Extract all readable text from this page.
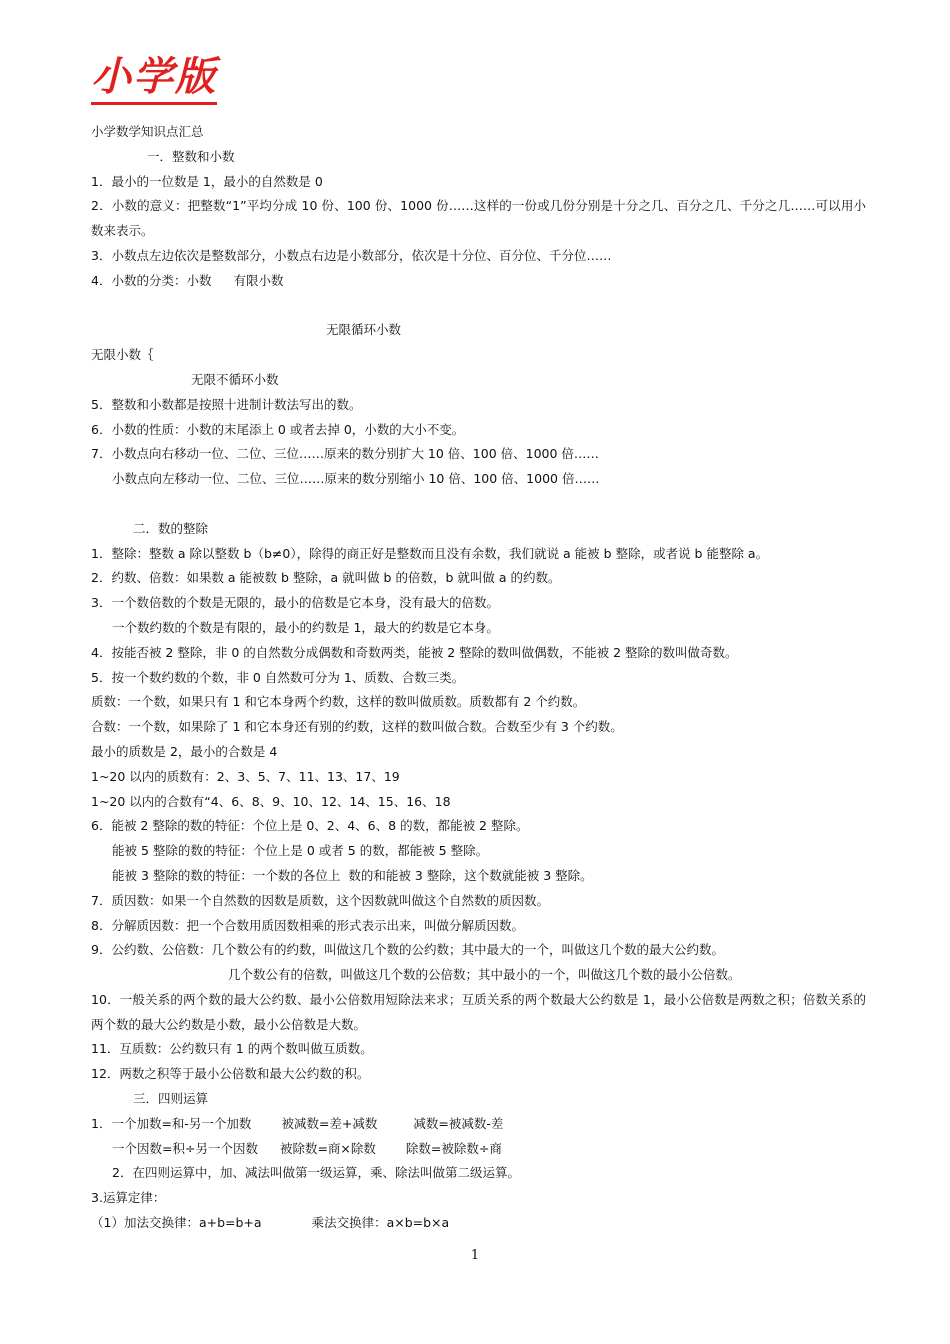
小学版
小学数学知识点汇总
一．整数和小数
1．最小的一位数是 1，最小的自然数是 0
2．小数的意义：把整数“1”平均分成 10 份、100 份、1000 份……这样的一份或几份分别是十分之几、百分之几、千分之几……可以用小数来表示。
3．小数点左边依次是整数部分，小数点右边是小数部分，依次是十分位、百分位、千分位……
4．小数的分类：小数 有限小数
无限循环小数
无限小数｛
无限不循环小数
5．整数和小数都是按照十进制计数法写出的数。
6．小数的性质：小数的末尾添上 0 或者去掉 0，小数的大小不变。
7．小数点向右移动一位、二位、三位……原来的数分别扩大 10 倍、100 倍、1000 倍……
小数点向左移动一位、二位、三位……原来的数分别缩小 10 倍、100 倍、1000 倍……
二．数的整除
1．整除：整数 a 除以整数 b（b≠0），除得的商正好是整数而且没有余数，我们就说 a 能被 b 整除，或者说 b 能整除 a。
2．约数、倍数：如果数 a 能被数 b 整除，a 就叫做 b 的倍数，b 就叫做 a 的约数。
3．一个数倍数的个数是无限的，最小的倍数是它本身，没有最大的倍数。
一个数约数的个数是有限的，最小的约数是 1，最大的约数是它本身。
4．按能否被 2 整除，非 0 的自然数分成偶数和奇数两类，能被 2 整除的数叫做偶数，不能被 2 整除的数叫做奇数。
5．按一个数约数的个数，非 0 自然数可分为 1、质数、合数三类。
质数：一个数，如果只有 1 和它本身两个约数，这样的数叫做质数。质数都有 2 个约数。
合数：一个数，如果除了 1 和它本身还有别的约数，这样的数叫做合数。合数至少有 3 个约数。
最小的质数是 2，最小的合数是 4
1~20 以内的质数有：2、3、5、7、11、13、17、19
1~20 以内的合数有“4、6、8、9、10、12、14、15、16、18
6．能被 2 整除的数的特征：个位上是 0、2、4、6、8 的数，都能被 2 整除。
能被 5 整除的数的特征：个位上是 0 或者 5 的数，都能被 5 整除。
能被 3 整除的数的特征：一个数的各位上  数的和能被 3 整除，这个数就能被 3 整除。
7．质因数：如果一个自然数的因数是质数，这个因数就叫做这个自然数的质因数。
8．分解质因数：把一个合数用质因数相乘的形式表示出来，叫做分解质因数。
9．公约数、公倍数：几个数公有的约数，叫做这几个数的公约数；其中最大的一个，叫做这几个数的最大公约数。
几个数公有的倍数，叫做这几个数的公倍数；其中最小的一个，叫做这几个数的最小公倍数。
10．一般关系的两个数的最大公约数、最小公倍数用短除法来求；互质关系的两个数最大公约数是 1，最小公倍数是两数之积；倍数关系的两个数的最大公约数是小数，最小公倍数是大数。
11．互质数：公约数只有 1 的两个数叫做互质数。
12．两数之积等于最小公倍数和最大公约数的积。
三．四则运算
1．一个加数=和-另一个加数 被减数=差+减数	减数=被减数-差
一个因数=积÷另一个因数 被除数=商×除数 除数=被除数÷商
2．在四则运算中，加、减法叫做第一级运算，乘、除法叫做第二级运算。
3.运算定律：
（1）加法交换律：a+b=b+a	乘法交换律：a×b=b×a
1
